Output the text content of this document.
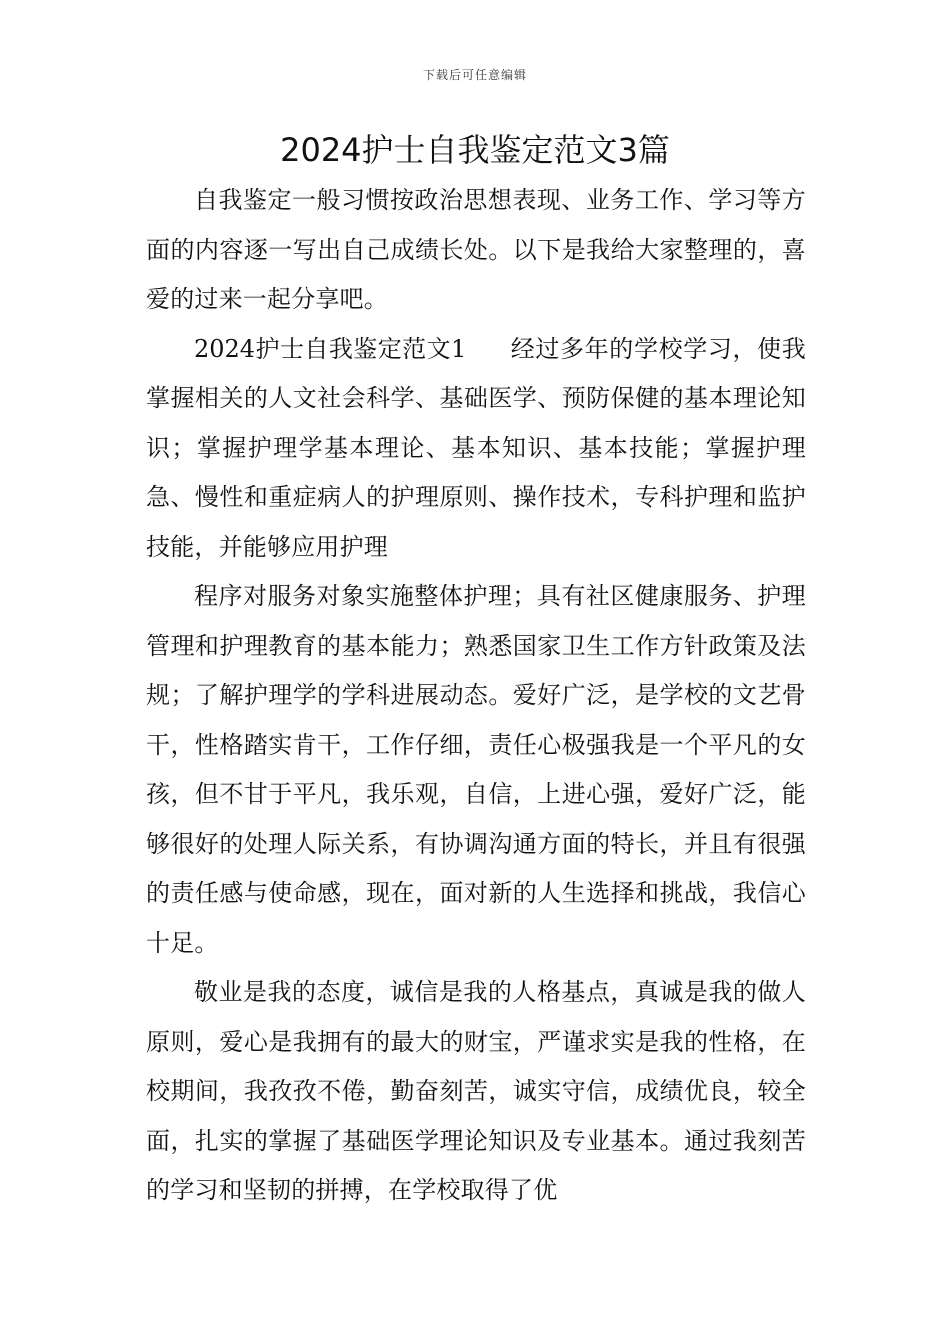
下载后可任意编辑
2024护士自我鉴定范文3篇

自我鉴定一般习惯按政治思想表现、业务工作、学习等方面的内容逐一写出自己成绩长处。以下是我给大家整理的，喜爱的过来一起分享吧。

2024护士自我鉴定范文1 经过多年的学校学习，使我掌握相关的人文社会科学、基础医学、预防保健的基本理论知识；掌握护理学基本理论、基本知识、基本技能；掌握护理急、慢性和重症病人的护理原则、操作技术，专科护理和监护技能，并能够应用护理

程序对服务对象实施整体护理；具有社区健康服务、护理管理和护理教育的基本能力；熟悉国家卫生工作方针政策及法规；了解护理学的学科进展动态。爱好广泛，是学校的文艺骨干，性格踏实肯干，工作仔细，责任心极强我是一个平凡的女孩，但不甘于平凡，我乐观，自信，上进心强，爱好广泛，能够很好的处理人际关系，有协调沟通方面的特长，并且有很强的责任感与使命感，现在，面对新的人生选择和挑战，我信心十足。

敬业是我的态度，诚信是我的人格基点，真诚是我的做人原则，爱心是我拥有的最大的财宝，严谨求实是我的性格，在校期间，我孜孜不倦，勤奋刻苦，诚实守信，成绩优良，较全面，扎实的掌握了基础医学理论知识及专业基本。通过我刻苦的学习和坚韧的拼搏，在学校取得了优
